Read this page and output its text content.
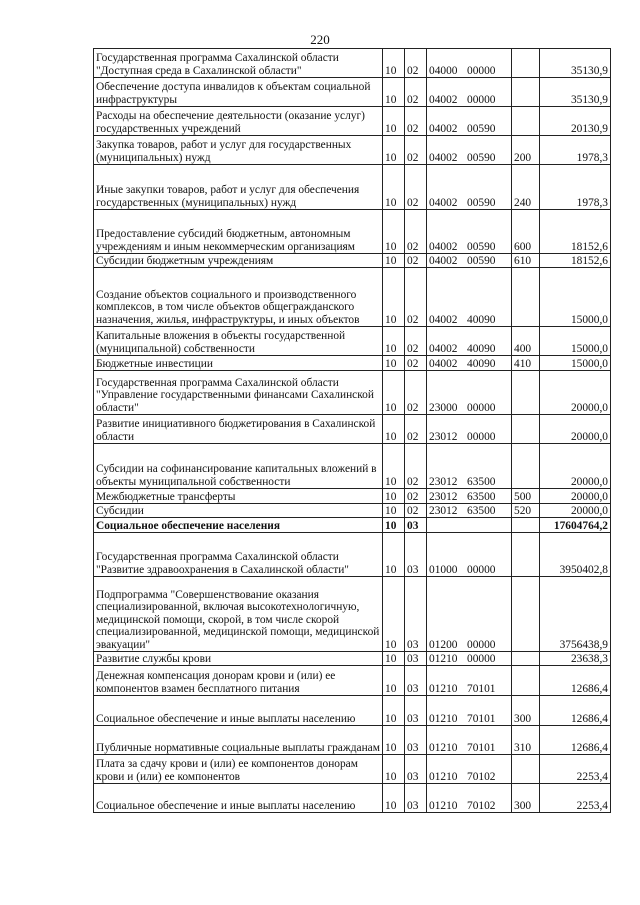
220
Государственная программа Сахалинской области "Доступная среда в Сахалинской области"	10	02	04000 00000		35130,9

Обеспечение доступа инвалидов к объектам социальной инфраструктуры	10	02	04002 00000		35130,9

Расходы на обеспечение деятельности (оказание услуг) государственных учреждений	10	02	04002 00590		20130,9

Закупка товаров, работ и услуг для государственных (муниципальных) нужд	10	02	04002 00590	200	1978,3

Иные закупки товаров, работ и услуг для обеспечения государственных (муниципальных) нужд	10	02	04002 00590	240	1978,3

Предоставление субсидий бюджетным, автономным учреждениям и иным некоммерческим организациям	10	02	04002 00590	600	18152,6

Субсидии бюджетным учреждениям	10	02	04002 00590	610	18152,6

Создание объектов социального и производственного комплексов, в том числе объектов общегражданского назначения, жилья, инфраструктуры, и иных объектов	10	02	04002 40090		15000,0

Капитальные вложения в объекты государственной (муниципальной) собственности	10	02	04002 40090	400	15000,0

Бюджетные инвестиции	10	02	04002 40090	410	15000,0

Государственная программа Сахалинской области "Управление государственными финансами Сахалинской области"	10	02	23000 00000		20000,0

Развитие инициативного бюджетирования в Сахалинской области	10	02	23012 00000		20000,0

Субсидии на софинансирование капитальных вложений в объекты муниципальной собственности	10	02	23012 63500		20000,0

Межбюджетные трансферты	10	02	23012 63500	500	20000,0

Субсидии	10	02	23012 63500	520	20000,0

Социальное обеспечение населения	10	03			17604764,2

Государственная программа Сахалинской области "Развитие здравоохранения в Сахалинской области"	10	03	01000 00000		3950402,8

Подпрограмма "Совершенствование оказания специализированной, включая высокотехнологичную, медицинской помощи, скорой, в том числе скорой специализированной, медицинской помощи, медицинской эвакуации"	10	03	01200 00000		3756438,9

Развитие службы крови	10	03	01210 00000		23638,3

Денежная компенсация донорам крови и (или) ее компонентов взамен бесплатного питания	10	03	01210 70101		12686,4

Социальное обеспечение и иные выплаты населению	10	03	01210 70101	300	12686,4

Публичные нормативные социальные выплаты гражданам	10	03	01210 70101	310	12686,4

Плата за сдачу крови и (или) ее компонентов донорам крови и (или) ее компонентов	10	03	01210 70102		2253,4

Социальное обеспечение и иные выплаты населению	10	03	01210 70102	300	2253,4
